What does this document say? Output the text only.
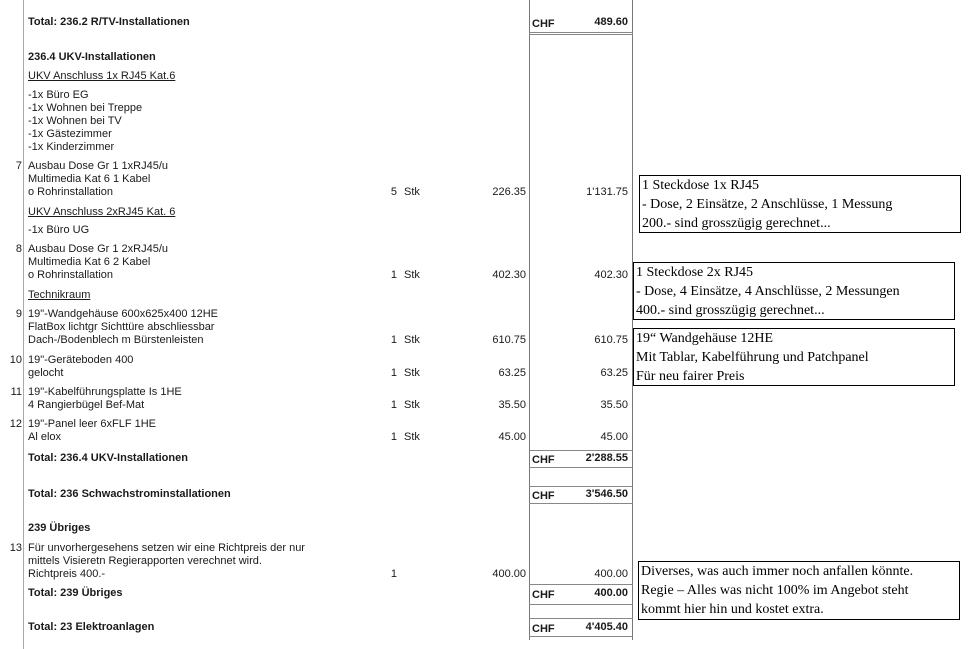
Total: 236.2 R/TV-Installationen	CHF	489.60
236.4 UKV-Installationen
UKV Anschluss 1x RJ45 Kat.6
-1x Büro EG
-1x Wohnen bei Treppe
-1x Wohnen bei TV
-1x Gästezimmer
-1x Kinderzimmer
7 Ausbau Dose Gr 1 1xRJ45/u
Multimedia Kat 6 1 Kabel
o Rohrinstallation	5 Stk	226.35	1'131.75
UKV Anschluss 2xRJ45 Kat. 6
-1x Büro UG
8 Ausbau Dose Gr 1 2xRJ45/u
Multimedia Kat 6 2 Kabel
o Rohrinstallation	1 Stk	402.30	402.30
Technikraum
9 19"-Wandgehäuse 600x625x400 12HE
FlatBox lichtgr Sichttüre abschliessbar
Dach-/Bodenblech m Bürstenleisten	1 Stk	610.75	610.75
10 19"-Geräteboden 400
gelocht	1 Stk	63.25	63.25
11 19"-Kabelführungsplatte Is 1HE
4 Rangierbügel Bef-Mat	1 Stk	35.50	35.50
12 19"-Panel leer 6xFLF 1HE
Al elox	1 Stk	45.00	45.00
Total: 236.4 UKV-Installationen	CHF	2'288.55
Total: 236 Schwachstrominstallationen	CHF	3'546.50
239 Übriges
13 Für unvorhergesehens setzen wir eine Richtpreis der nur
mittels Visieretn Regierapporten verechnet wird.
Richtpreis 400.-	1	400.00	400.00
Total: 239 Übriges	CHF	400.00
Total: 23 Elektroanlagen	CHF	4'405.40
1 Steckdose 1x RJ45
- Dose, 2 Einsätze, 2 Anschlüsse, 1 Messung
200.- sind grosszügig gerechnet...
1 Steckdose 2x RJ45
- Dose, 4 Einsätze, 4 Anschlüsse, 2 Messungen
400.- sind grosszügig gerechnet...
19“ Wandgehäuse 12HE
Mit Tablar, Kabelführung und Patchpanel
Für neu fairer Preis
Diverses, was auch immer noch anfallen könnte.
Regie – Alles was nicht 100% im Angebot steht
kommt hier hin und kostet extra.
